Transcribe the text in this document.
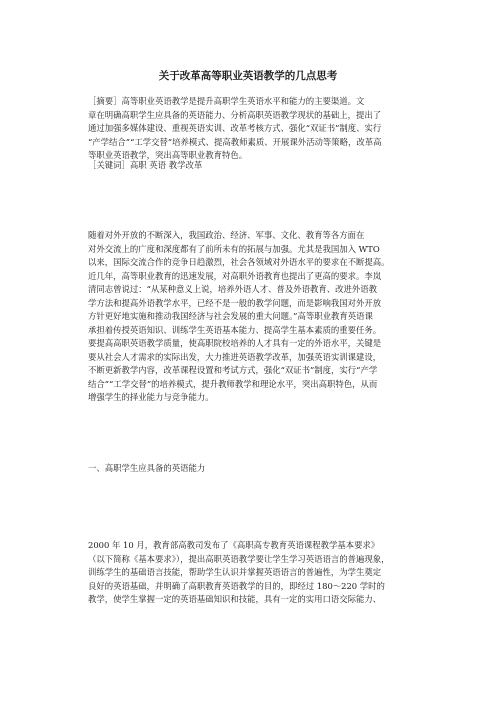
关于改革高等职业英语教学的几点思考
［摘要］高等职业英语教学是提升高职学生英语水平和能力的主要渠道。文
章在明确高职学生应具备的英语能力、分析高职英语教学现状的基础上，提出了
通过加强多媒体建设、重视英语实训、改革考核方式、强化“双证书”制度、实行
“产学结合”“工学交替”培养模式、提高教师素质、开展课外活动等策略，改革高
等职业英语教学，突出高等职业教育特色。
［关键词］高职 英语 教学改革
随着对外开放的不断深入，我国政治、经济、军事、文化、教育等各方面在
对外交流上的广度和深度都有了前所未有的拓展与加强。尤其是我国加入 WTO
以来，国际交流合作的竞争日趋激烈，社会各领域对外语水平的要求在不断提高。
近几年，高等职业教育的迅速发展，对高职外语教育也提出了更高的要求。李岚
清同志曾说过：“从某种意义上说，培养外语人才、普及外语教育、改进外语教
学方法和提高外语教学水平，已经不是一般的教学问题，而是影响我国对外开放
方针更好地实施和推动我国经济与社会发展的重大问题。”高等职业教育英语课
承担着传授英语知识、训练学生英语基本能力、提高学生基本素质的重要任务。
要提高高职英语教学质量，使高职院校培养的人才具有一定的外语水平，关键是
要从社会人才需求的实际出发，大力推进英语教学改革，加强英语实训课建设，
不断更新教学内容，改革课程设置和考试方式，强化“双证书”制度，实行“产学
结合”“工学交替”的培养模式，提升教师教学和理论水平，突出高职特色，从而
增强学生的择业能力与竞争能力。
一、高职学生应具备的英语能力
2000 年 10 月，教育部高教司发布了《高职高专教育英语课程教学基本要求》
（以下简称《基本要求》），提出高职英语教学要让学生学习英语语言的普遍现象，
训练学生的基础语言技能，帮助学生认识并掌握英语语言的普遍性，为学生奠定
良好的英语基础，并明确了高职教育英语教学的目的，即经过 180～220 学时的
教学，使学生掌握一定的英语基础知识和技能，具有一定的实用口语交际能力、
